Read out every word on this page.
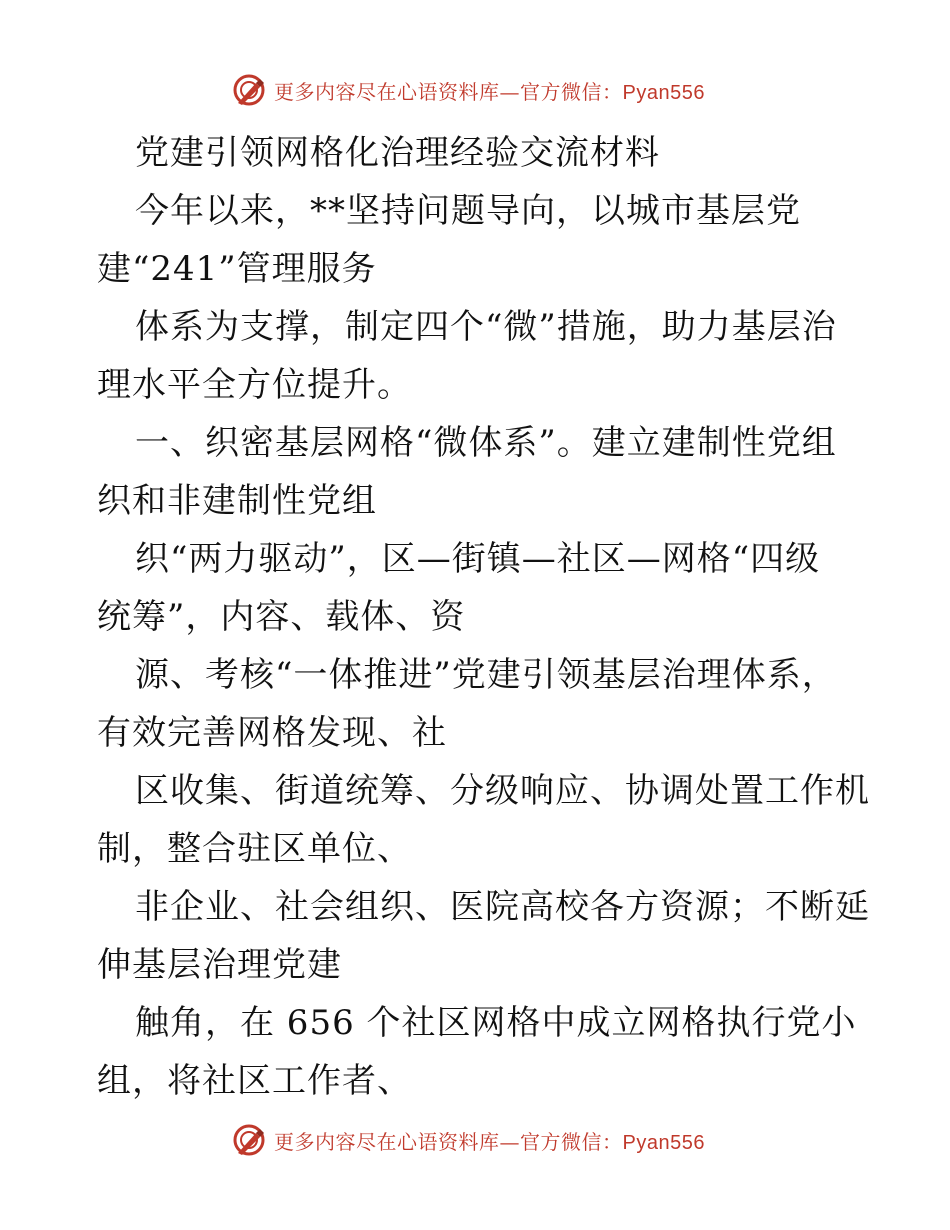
更多内容尽在心语资料库—官方微信：Pyan556
党建引领网格化治理经验交流材料
今年以来，**坚持问题导向，以城市基层党
建“241”管理服务
体系为支撑，制定四个“微”措施，助力基层治
理水平全方位提升。
一、织密基层网格“微体系”。建立建制性党组
织和非建制性党组
织“两力驱动”，区—街镇—社区—网格“四级
统筹”，内容、载体、资
源、考核“一体推进”党建引领基层治理体系，
有效完善网格发现、社
区收集、街道统筹、分级响应、协调处置工作机
制，整合驻区单位、
非企业、社会组织、医院高校各方资源；不断延
伸基层治理党建
触角，在 656 个社区网格中成立网格执行党小
组，将社区工作者、
更多内容尽在心语资料库—官方微信：Pyan556
